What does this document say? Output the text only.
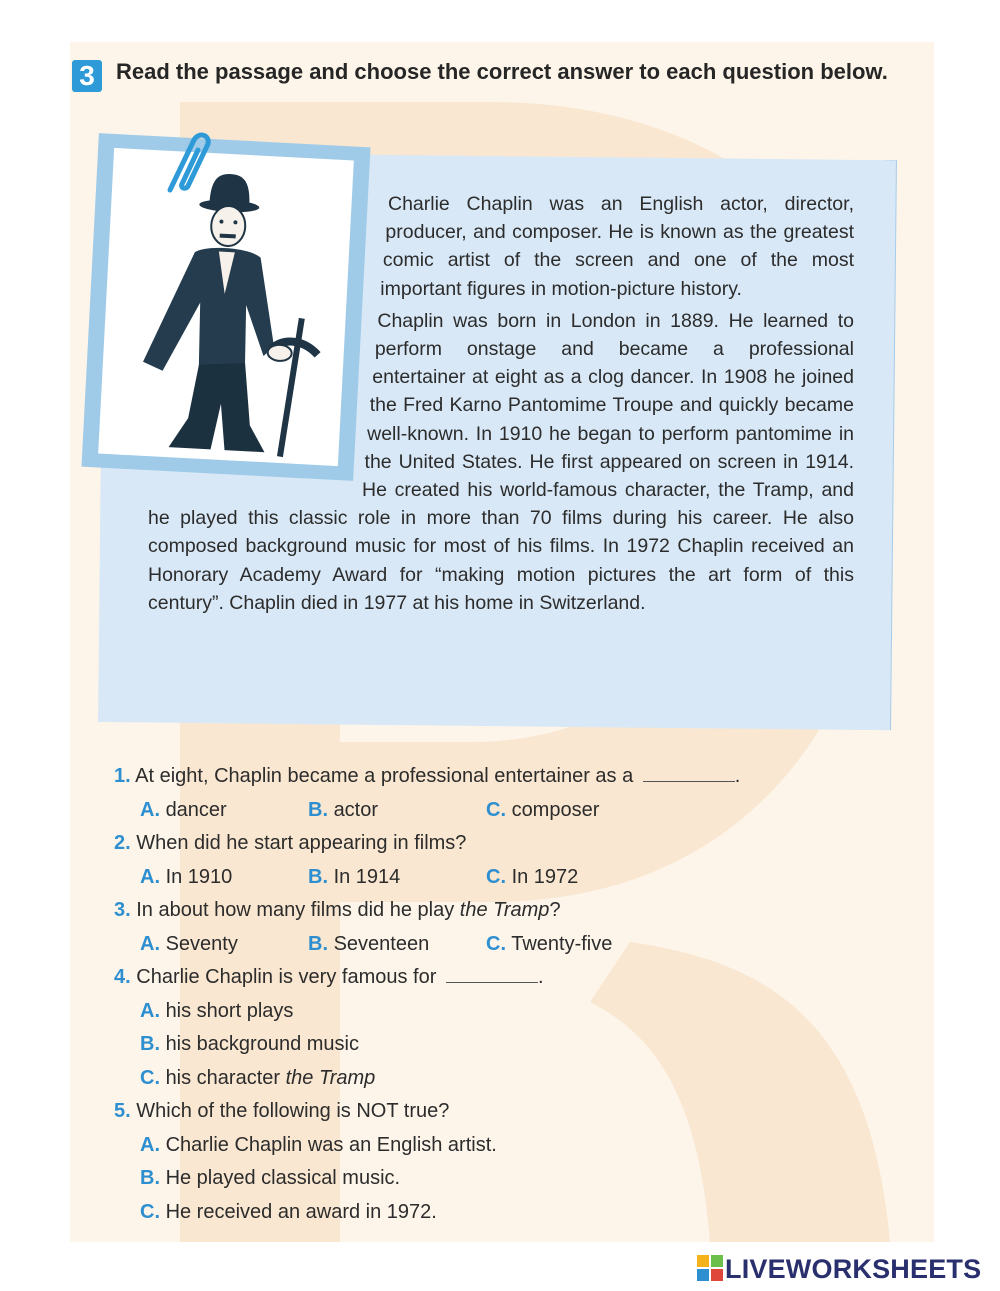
3 Read the passage and choose the correct answer to each question below.

Charlie Chaplin was an English actor, director, producer, and composer. He is known as the greatest comic artist of the screen and one of the most important figures in motion-picture history.

Chaplin was born in London in 1889. He learned to perform onstage and became a professional entertainer at eight as a clog dancer. In 1908 he joined the Fred Karno Pantomime Troupe and quickly became well-known. In 1910 he began to perform pantomime in the United States. He first appeared on screen in 1914. He created his world-famous character, the Tramp, and he played this classic role in more than 70 films during his career. He also composed background music for most of his films. In 1972 Chaplin received an Honorary Academy Award for “making motion pictures the art form of this century”. Chaplin died in 1977 at his home in Switzerland.

1. At eight, Chaplin became a professional entertainer as a	.
A. dancer	B. actor	C. composer
2. When did he start appearing in films?
A. In 1910	B. In 1914	C. In 1972
3. In about how many films did he play the Tramp?
A. Seventy	B. Seventeen	C. Twenty-five
4. Charlie Chaplin is very famous for	.
A. his short plays
B. his background music
C. his character the Tramp
5. Which of the following is NOT true?
A. Charlie Chaplin was an English artist.
B. He played classical music.
C. He received an award in 1972.
LIVEWORKSHEETS
